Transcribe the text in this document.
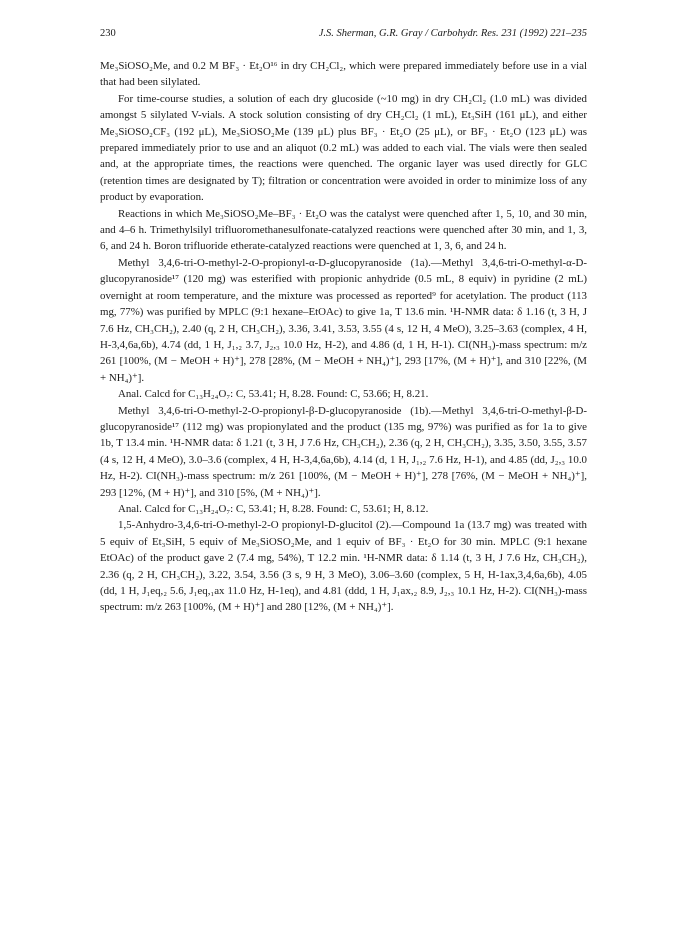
230	J.S. Sherman, G.R. Gray / Carbohydr. Res. 231 (1992) 221–235

Me₃SiOSO₂Me, and 0.2 M BF₃ · Et₂O¹⁶ in dry CH₂Cl₂, which were prepared immediately before use in a vial that had been silylated.

For time-course studies, a solution of each dry glucoside (~10 mg) in dry CH₂Cl₂ (1.0 mL) was divided amongst 5 silylated V-vials. A stock solution consisting of dry CH₂Cl₂ (1 mL), Et₃SiH (161 μL), and either Me₃SiOSO₂CF₃ (192 μL), Me₃SiOSO₂Me (139 μL) plus BF₃ · Et₂O (25 μL), or BF₃ · Et₂O (123 μL) was prepared immediately prior to use and an aliquot (0.2 mL) was added to each vial. The vials were then sealed and, at the appropriate times, the reactions were quenched. The organic layer was used directly for GLC (retention times are designated by T); filtration or concentration were avoided in order to minimize loss of any product by evaporation.

Reactions in which Me₃SiOSO₂Me–BF₃ · Et₂O was the catalyst were quenched after 1, 5, 10, and 30 min, and 4–6 h. Trimethylsilyl trifluoromethanesulfonate-catalyzed reactions were quenched after 30 min, and 1, 3, 6, and 24 h. Boron trifluoride etherate-catalyzed reactions were quenched at 1, 3, 6, and 24 h.

Methyl 3,4,6-tri-O-methyl-2-O-propionyl-α-D-glucopyranoside (1a).—Methyl 3,4,6-tri-O-methyl-α-D-glucopyranoside¹⁷ (120 mg) was esterified with propionic anhydride (0.5 mL, 8 equiv) in pyridine (2 mL) overnight at room temperature, and the mixture was processed as reported⁹ for acetylation. The product (113 mg, 77%) was purified by MPLC (9:1 hexane–EtOAc) to give 1a, T 13.6 min. ¹H-NMR data: δ 1.16 (t, 3 H, J 7.6 Hz, CH₃CH₂), 2.40 (q, 2 H, CH₃CH₂), 3.36, 3.41, 3.53, 3.55 (4 s, 12 H, 4 MeO), 3.25–3.63 (complex, 4 H, H-3,4,6a,6b), 4.74 (dd, 1 H, J₁,₂ 3.7, J₂,₃ 10.0 Hz, H-2), and 4.86 (d, 1 H, H-1). CI(NH₃)-mass spectrum: m/z 261 [100%, (M − MeOH + H)⁺], 278 [28%, (M − MeOH + NH₄)⁺], 293 [17%, (M + H)⁺], and 310 [22%, (M + NH₄)⁺].

Anal. Calcd for C₁₃H₂₄O₇: C, 53.41; H, 8.28. Found: C, 53.66; H, 8.21.

Methyl 3,4,6-tri-O-methyl-2-O-propionyl-β-D-glucopyranoside (1b).—Methyl 3,4,6-tri-O-methyl-β-D-glucopyranoside¹⁷ (112 mg) was propionylated and the product (135 mg, 97%) was purified as for 1a to give 1b, T 13.4 min. ¹H-NMR data: δ 1.21 (t, 3 H, J 7.6 Hz, CH₃CH₂), 2.36 (q, 2 H, CH₃CH₂), 3.35, 3.50, 3.55, 3.57 (4 s, 12 H, 4 MeO), 3.0–3.6 (complex, 4 H, H-3,4,6a,6b), 4.14 (d, 1 H, J₁,₂ 7.6 Hz, H-1), and 4.85 (dd, J₂,₃ 10.0 Hz, H-2). CI(NH₃)-mass spectrum: m/z 261 [100%, (M − MeOH + H)⁺], 278 [76%, (M − MeOH + NH₄)⁺], 293 [12%, (M + H)⁺], and 310 [5%, (M + NH₄)⁺].

Anal. Calcd for C₁₃H₂₄O₇: C, 53.41; H, 8.28. Found: C, 53.61; H, 8.12.

1,5-Anhydro-3,4,6-tri-O-methyl-2-O propionyl-D-glucitol (2).—Compound 1a (13.7 mg) was treated with 5 equiv of Et₃SiH, 5 equiv of Me₃SiOSO₂Me, and 1 equiv of BF₃ · Et₂O for 30 min. MPLC (9:1 hexane EtOAc) of the product gave 2 (7.4 mg, 54%), T 12.2 min. ¹H-NMR data: δ 1.14 (t, 3 H, J 7.6 Hz, CH₃CH₂), 2.36 (q, 2 H, CH₃CH₂), 3.22, 3.54, 3.56 (3 s, 9 H, 3 MeO), 3.06–3.60 (complex, 5 H, H-1ax,3,4,6a,6b), 4.05 (dd, 1 H, J₁eq,₂ 5.6, J₁eq,₁ax 11.0 Hz, H-1eq), and 4.81 (ddd, 1 H, J₁ax,₂ 8.9, J₂,₃ 10.1 Hz, H-2). CI(NH₃)-mass spectrum: m/z 263 [100%, (M + H)⁺] and 280 [12%, (M + NH₄)⁺].
